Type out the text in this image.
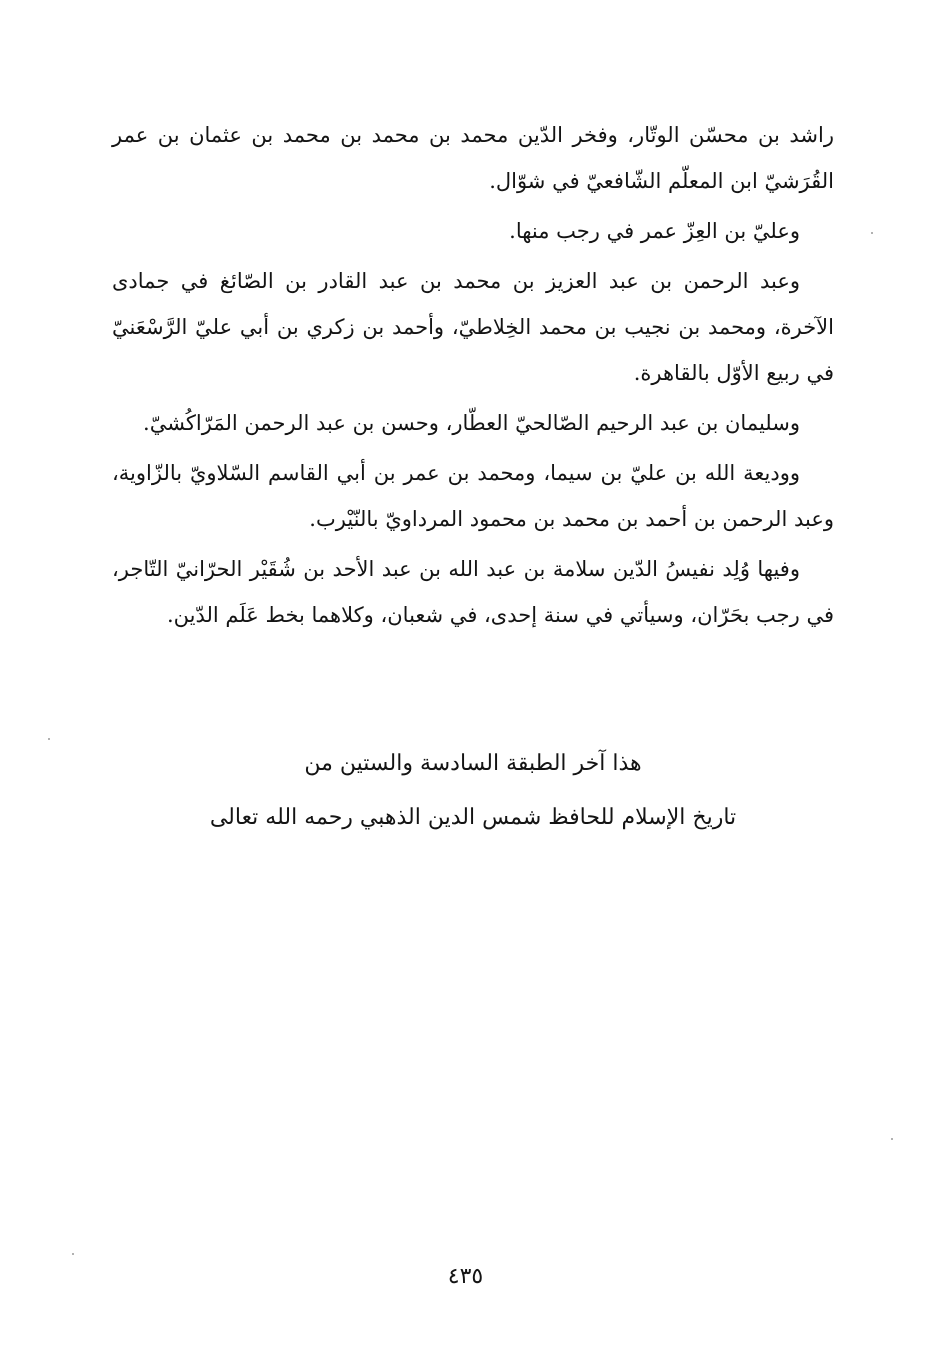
راشد بن محسّن الوتّار، وفخر الدّين محمد بن محمد بن محمد بن عثمان بن عمر القُرَشيّ ابن المعلّم الشّافعيّ في شوّال.

وعليّ بن العِزّ عمر في رجب منها.

وعبد الرحمن بن عبد العزيز بن محمد بن عبد القادر بن الصّائغ في جمادى الآخرة، ومحمد بن نجيب بن محمد الخِلاطيّ، وأحمد بن زكري بن أبي عليّ الرَّسْعَنيّ في ربيع الأوّل بالقاهرة.

وسليمان بن عبد الرحيم الصّالحيّ العطّار، وحسن بن عبد الرحمن المَرّاكُشيّ.

ووديعة الله بن عليّ بن سيما، ومحمد بن عمر بن أبي القاسم السّلاويّ بالزّاوية، وعبد الرحمن بن أحمد بن محمد بن محمود المرداويّ بالنّيْرب.

وفيها وُلِد نفيسُ الدّين سلامة بن عبد الله بن عبد الأحد بن شُقَيْر الحرّانيّ التّاجر، في رجب بحَرّان، وسيأتي في سنة إحدى، في شعبان، وكلاهما بخط عَلَم الدّين.

هذا آخر الطبقة السادسة والستين من
تاريخ الإسلام للحافظ شمس الدين الذهبي رحمه الله تعالى
٤٣٥
